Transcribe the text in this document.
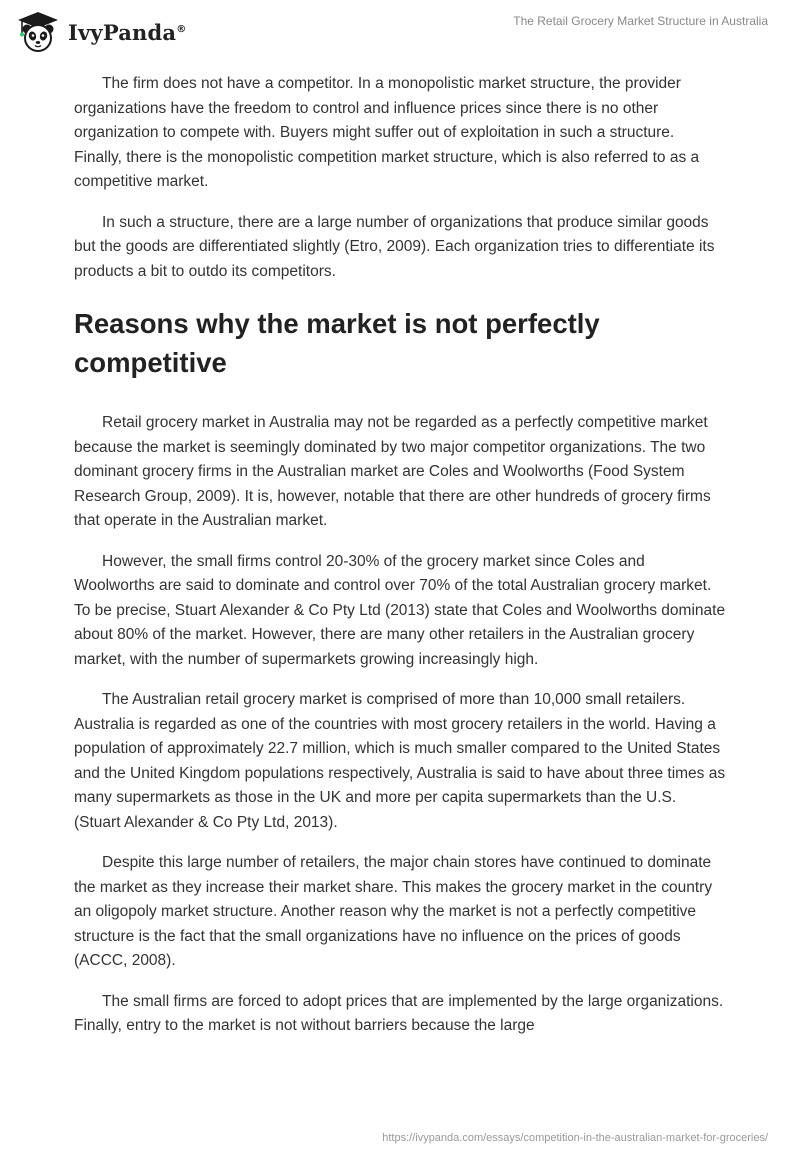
IvyPanda®
The Retail Grocery Market Structure in Australia

The firm does not have a competitor. In a monopolistic market structure, the provider organizations have the freedom to control and influence prices since there is no other organization to compete with. Buyers might suffer out of exploitation in such a structure. Finally, there is the monopolistic competition market structure, which is also referred to as a competitive market.

In such a structure, there are a large number of organizations that produce similar goods but the goods are differentiated slightly (Etro, 2009). Each organization tries to differentiate its products a bit to outdo its competitors.

Reasons why the market is not perfectly competitive

Retail grocery market in Australia may not be regarded as a perfectly competitive market because the market is seemingly dominated by two major competitor organizations. The two dominant grocery firms in the Australian market are Coles and Woolworths (Food System Research Group, 2009). It is, however, notable that there are other hundreds of grocery firms that operate in the Australian market.

However, the small firms control 20-30% of the grocery market since Coles and Woolworths are said to dominate and control over 70% of the total Australian grocery market. To be precise, Stuart Alexander & Co Pty Ltd (2013) state that Coles and Woolworths dominate about 80% of the market. However, there are many other retailers in the Australian grocery market, with the number of supermarkets growing increasingly high.

The Australian retail grocery market is comprised of more than 10,000 small retailers. Australia is regarded as one of the countries with most grocery retailers in the world. Having a population of approximately 22.7 million, which is much smaller compared to the United States and the United Kingdom populations respectively, Australia is said to have about three times as many supermarkets as those in the UK and more per capita supermarkets than the U.S. (Stuart Alexander & Co Pty Ltd, 2013).

Despite this large number of retailers, the major chain stores have continued to dominate the market as they increase their market share. This makes the grocery market in the country an oligopoly market structure. Another reason why the market is not a perfectly competitive structure is the fact that the small organizations have no influence on the prices of goods (ACCC, 2008).

The small firms are forced to adopt prices that are implemented by the large organizations. Finally, entry to the market is not without barriers because the large

https://ivypanda.com/essays/competition-in-the-australian-market-for-groceries/
